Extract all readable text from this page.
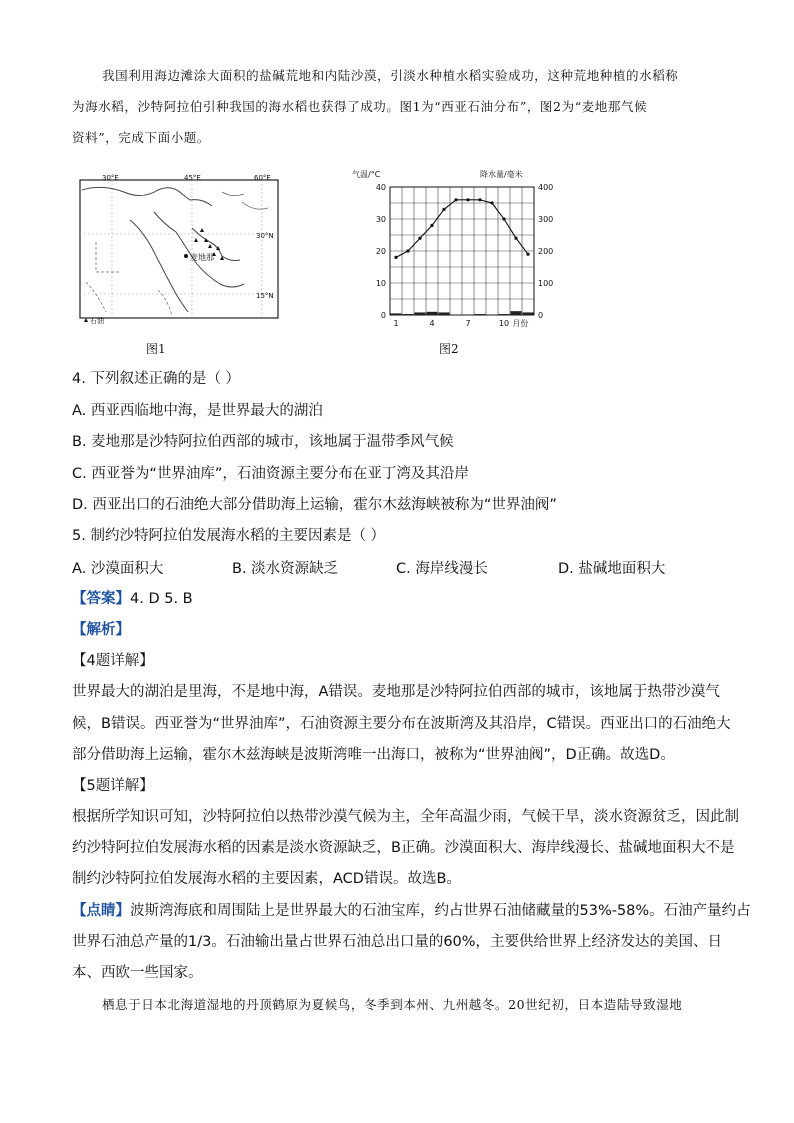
我国利用海边滩涂大面积的盐碱荒地和内陆沙漠，引淡水种植水稻实验成功，这种荒地种植的水稻称
为海水稻，沙特阿拉伯引种我国的海水稻也获得了成功。图1为“西亚石油分布”，图2为“麦地那气候
资料”，完成下面小题。
麦地那
30°E	45°E	60°E
30°N
15°N
石油
图1
气温/°C	降水量/毫米
0
10
20
30
40
0
100
200
300
400
1	4	7	10 月份
图2
4. 下列叙述正确的是（ ）
A. 西亚西临地中海，是世界最大的湖泊
B. 麦地那是沙特阿拉伯西部的城市，该地属于温带季风气候
C. 西亚誉为“世界油库”，石油资源主要分布在亚丁湾及其沿岸
D. 西亚出口的石油绝大部分借助海上运输，霍尔木兹海峡被称为“世界油阀”
5. 制约沙特阿拉伯发展海水稻的主要因素是（ ）
A. 沙漠面积大	B. 淡水资源缺乏	C. 海岸线漫长	D. 盐碱地面积大
【答案】4. D 5. B
【解析】
【4题详解】
世界最大的湖泊是里海，不是地中海，A错误。麦地那是沙特阿拉伯西部的城市，该地属于热带沙漠气
候，B错误。西亚誉为“世界油库”，石油资源主要分布在波斯湾及其沿岸，C错误。西亚出口的石油绝大
部分借助海上运输，霍尔木兹海峡是波斯湾唯一出海口，被称为“世界油阀”，D正确。故选D。
【5题详解】
根据所学知识可知，沙特阿拉伯以热带沙漠气候为主，全年高温少雨，气候干旱，淡水资源贫乏，因此制
约沙特阿拉伯发展海水稻的因素是淡水资源缺乏，B正确。沙漠面积大、海岸线漫长、盐碱地面积大不是
制约沙特阿拉伯发展海水稻的主要因素，ACD错误。故选B。
【点睛】波斯湾海底和周围陆上是世界最大的石油宝库，约占世界石油储藏量的53%-58%。石油产量约占
世界石油总产量的1/3。石油输出量占世界石油总出口量的60%，主要供给世界上经济发达的美国、日
本、西欧一些国家。
栖息于日本北海道湿地的丹顶鹤原为夏候鸟，冬季到本州、九州越冬。20世纪初，日本造陆导致湿地
